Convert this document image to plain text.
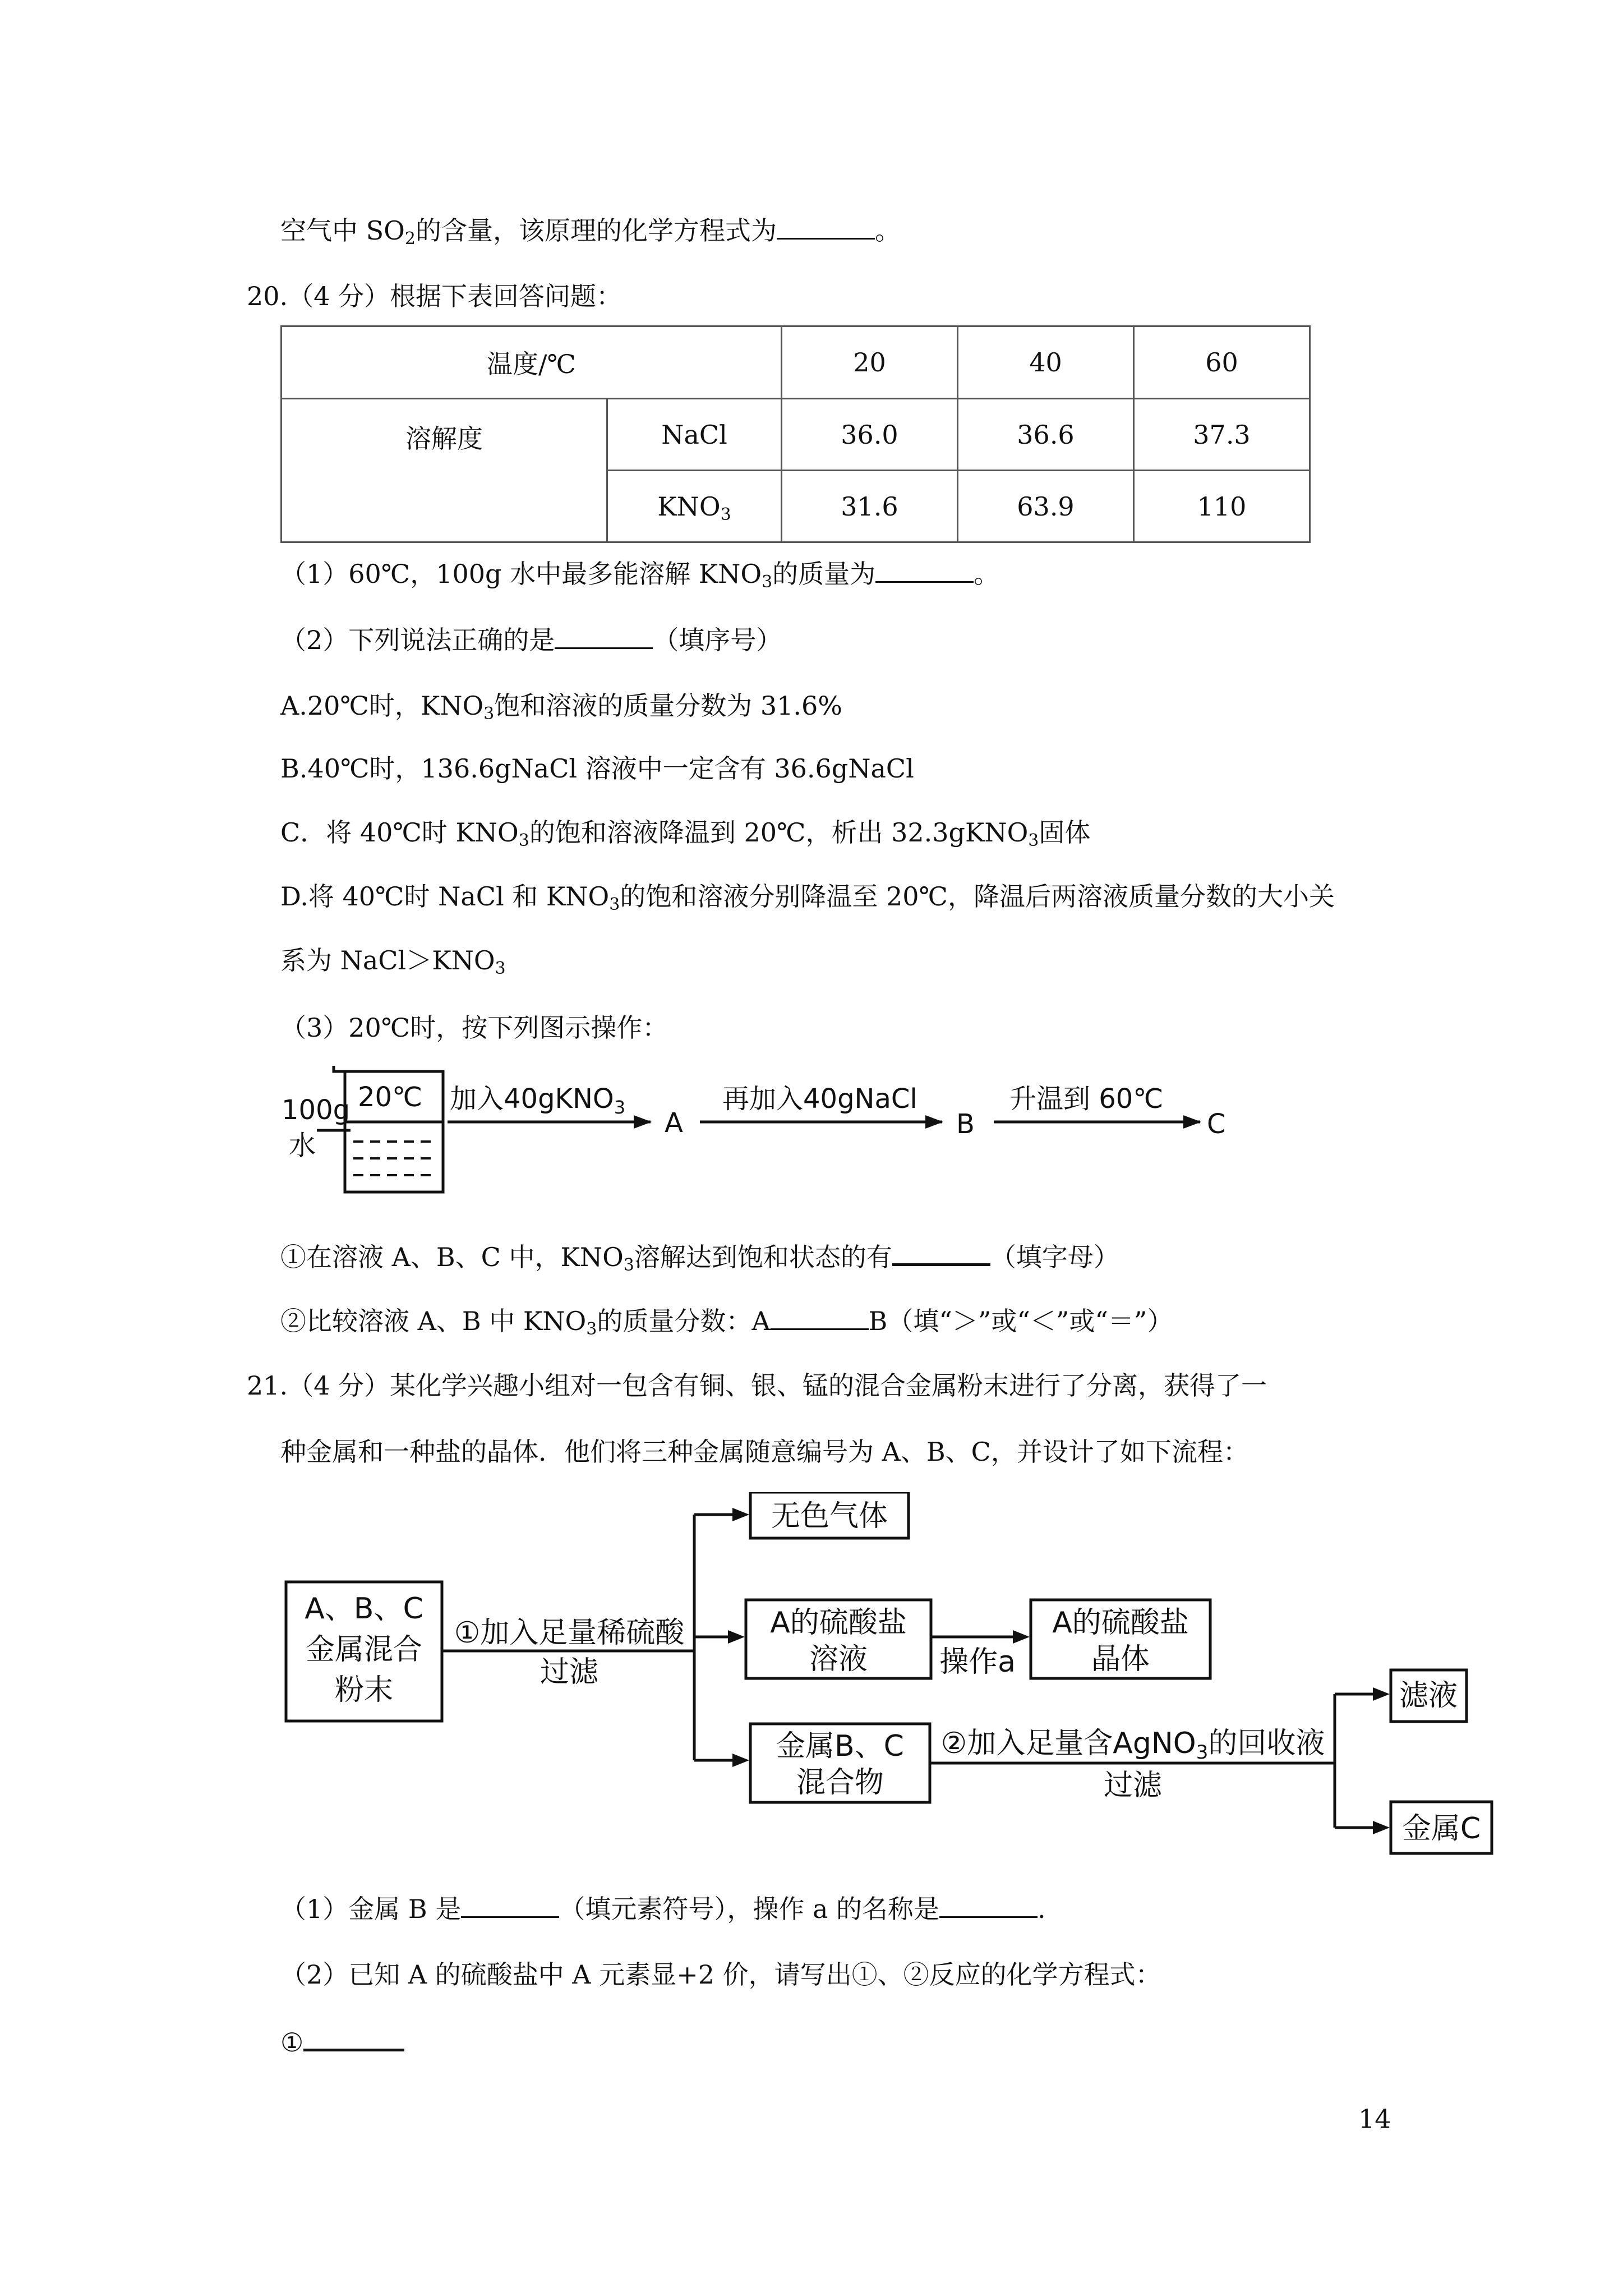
空气中 $SO_2$的含量，该原理的化学方程式为	。
20.（4 分）根据下表回答问题：
温度/℃		20	40	60
溶解度	NaCl	36.0	36.6	37.3
	$KNO_3$	31.6	63.9	110
（1）60℃，100g 水中最多能溶解 $KNO_3$的质量为	。
（2）下列说法正确的是	（填序号）
A.20℃时，$KNO_3$饱和溶液的质量分数为 31.6%
B.40℃时，136.6gNaCl 溶液中一定含有 36.6gNaCl
C．将 40℃时 $KNO_3$的饱和溶液降温到 20℃，析出 32.3gKNO$_3$固体
D.将 40℃时 NaCl 和 $KNO_3$的饱和溶液分别降温至 20℃，降温后两溶液质量分数的大小关
系为 $NaCl>KNO_3$
（3）20℃时，按下列图示操作：
100g
水
20℃ 加入40gKNO$_3$ A
再加入40gNaCl
B
升温到 60℃
C
①在溶液 A、B、C 中，$KNO_3$溶解达到饱和状态的有	（填字母）
②比较溶液 A、B 中 $KNO_3$的质量分数：A	B（填“＞”或“＜”或“＝”）
21.（4 分）某化学兴趣小组对一包含有铜、银、锰的混合金属粉末进行了分离，获得了一
种金属和一种盐的晶体．他们将三种金属随意编号为 A、B、C，并设计了如下流程：
A、B、C
金属混合
粉末
①加入足量稀硫酸
过滤
无色气体
A的硫酸盐
溶液 操作a
A的硫酸盐
晶体
金属B、C
混合物
②加入足量含AgNO3的回收液
过滤
滤液
金属C
（1）金属 B 是	（填元素符号），操作 a 的名称是	.
（2）已知 A 的硫酸盐中 A 元素显+2 价，请写出①、②反应的化学方程式：
①
14
